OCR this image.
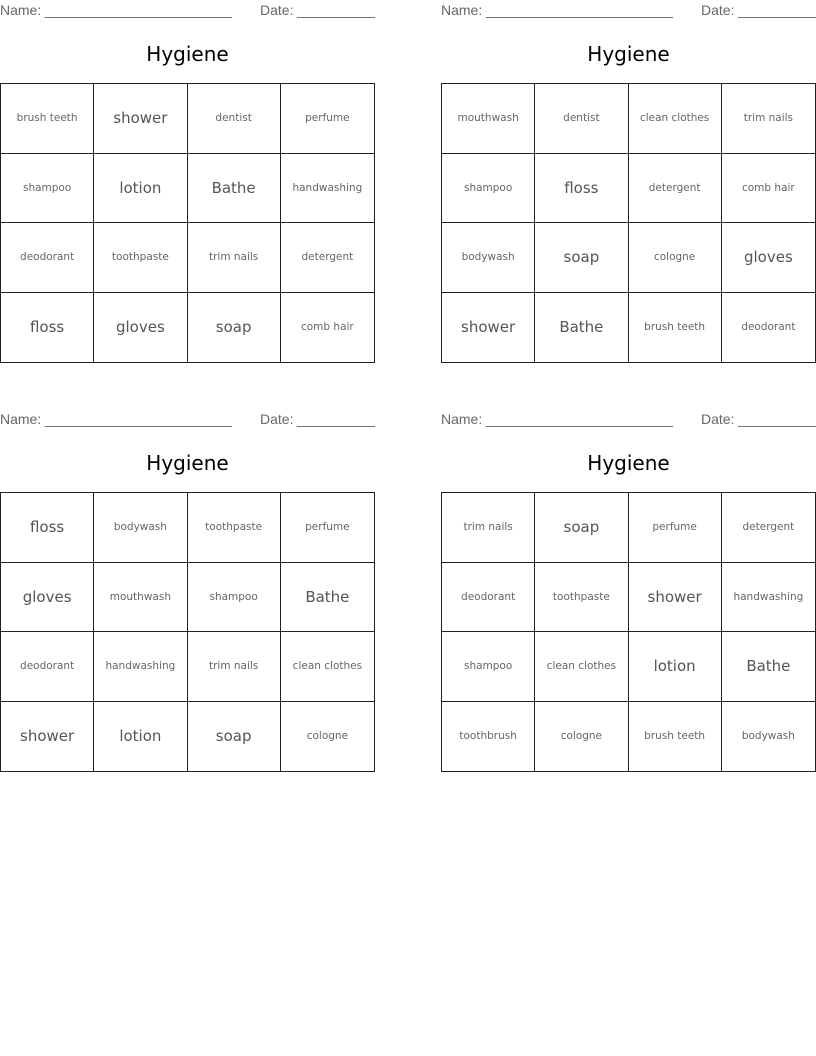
Name: ________________________ Date: __________
Hygiene
brush teeth	shower	dentist	perfume
shampoo	lotion	Bathe	handwashing
deodorant	toothpaste	trim nails	detergent
floss	gloves	soap	comb hair
Name: ________________________ Date: __________
Hygiene
mouthwash	dentist	clean clothes	trim nails
shampoo	floss	detergent	comb hair
bodywash	soap	cologne	gloves
shower	Bathe	brush teeth	deodorant
Name: ________________________ Date: __________
Hygiene
floss	bodywash	toothpaste	perfume
gloves	mouthwash	shampoo	Bathe
deodorant	handwashing	trim nails	clean clothes
shower	lotion	soap	cologne
Name: ________________________ Date: __________
Hygiene
trim nails	soap	perfume	detergent
deodorant	toothpaste	shower	handwashing
shampoo	clean clothes	lotion	Bathe
toothbrush	cologne	brush teeth	bodywash
